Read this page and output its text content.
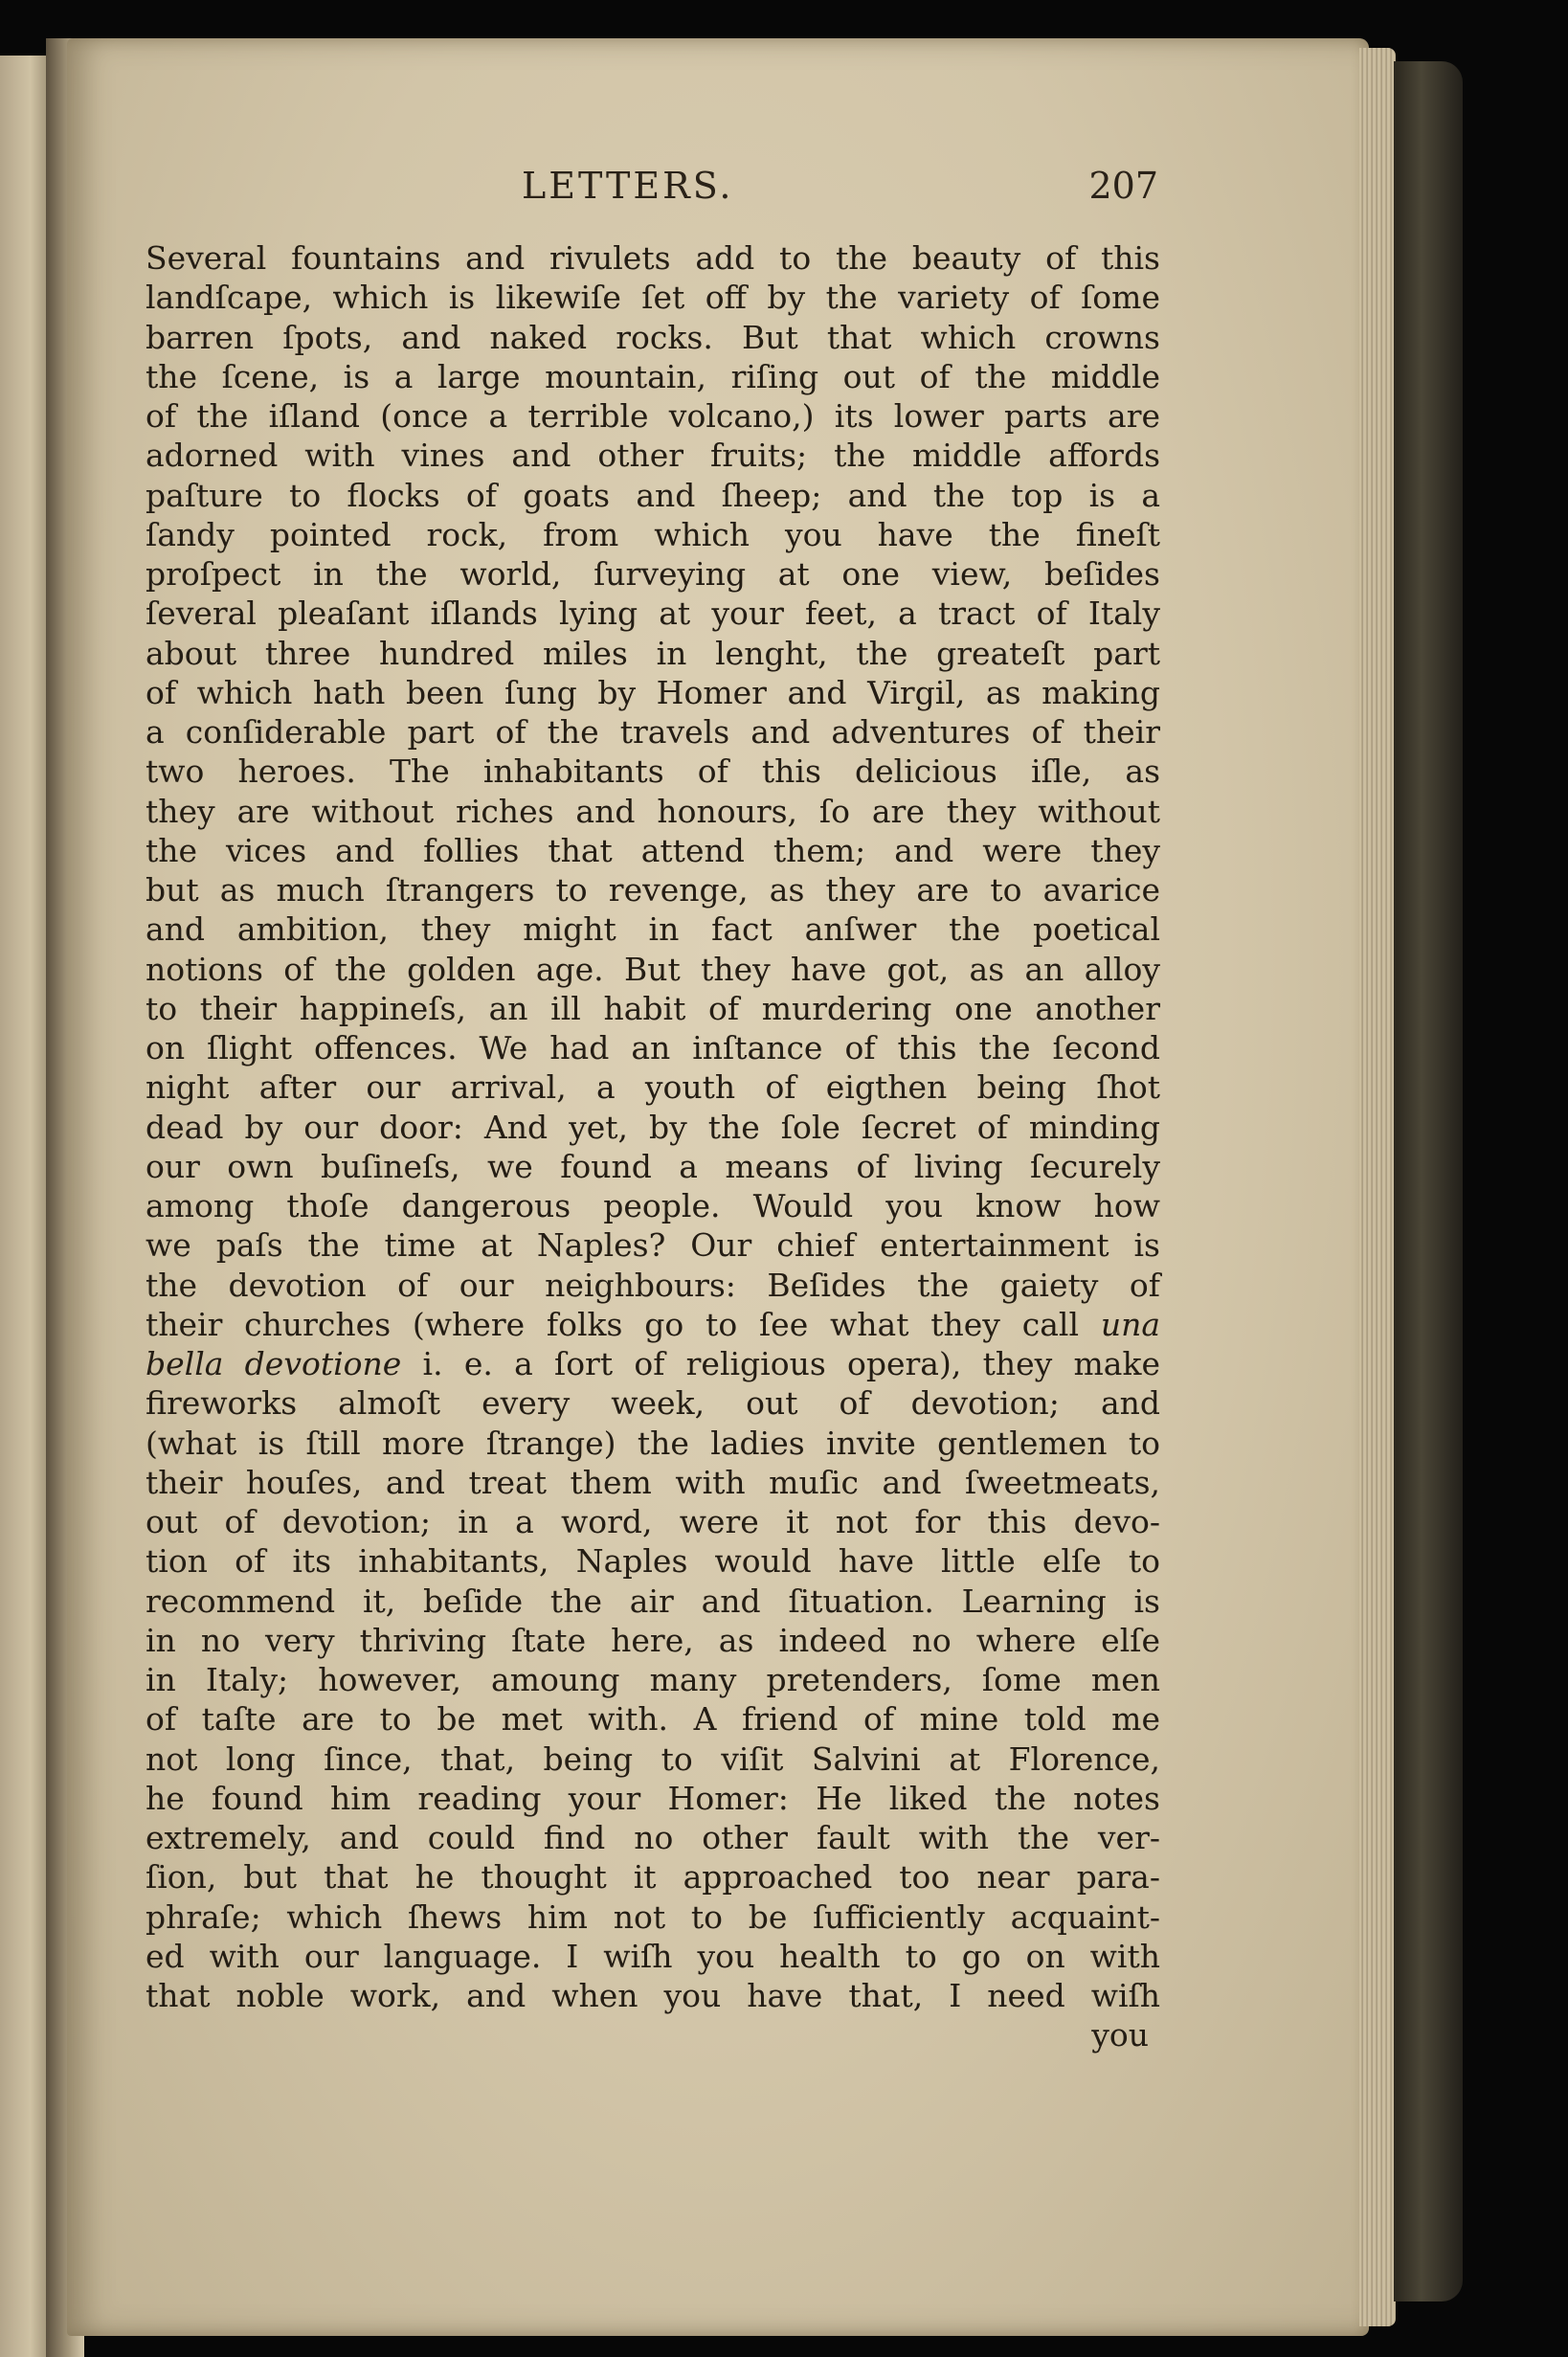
LETTERS.	207
Several fountains and rivulets add to the beauty of this
landſcape, which is likewiſe ſet off by the variety of ſome
barren ſpots, and naked rocks. But that which crowns
the ſcene, is a large mountain, riſing out of the middle
of the iſland (once a terrible volcano,) its lower parts are
adorned with vines and other fruits; the middle affords
paſture to flocks of goats and ſheep; and the top is a
ſandy pointed rock, from which you have the fineſt
proſpect in the world, ſurveying at one view, beſides
ſeveral pleaſant iſlands lying at your feet, a tract of Italy
about three hundred miles in lenght, the greateſt part
of which hath been ſung by Homer and Virgil, as making
a conſiderable part of the travels and adventures of their
two heroes. The inhabitants of this delicious iſle, as
they are without riches and honours, ſo are they without
the vices and follies that attend them; and were they
but as much ſtrangers to revenge, as they are to avarice
and ambition, they might in fact anſwer the poetical
notions of the golden age. But they have got, as an alloy
to their happineſs, an ill habit of murdering one another
on ſlight offences. We had an inſtance of this the ſecond
night after our arrival, a youth of eigthen being ſhot
dead by our door: And yet, by the ſole ſecret of minding
our own buſineſs, we found a means of living ſecurely
among thoſe dangerous people. Would you know how
we paſs the time at Naples? Our chief entertainment is
the devotion of our neighbours: Beſides the gaiety of
their churches (where folks go to ſee what they call una
bella devotione i. e. a ſort of religious opera), they make
fireworks almoſt every week, out of devotion; and
(what is ſtill more ſtrange) the ladies invite gentlemen to
their houſes, and treat them with muſic and ſweetmeats,
out of devotion; in a word, were it not for this devo-
tion of its inhabitants, Naples would have little elſe to
recommend it, beſide the air and ſituation. Learning is
in no very thriving ſtate here, as indeed no where elſe
in Italy; however, amoung many pretenders, ſome men
of taſte are to be met with. A friend of mine told me
not long ſince, that, being to viſit Salvini at Florence,
he found him reading your Homer: He liked the notes
extremely, and could find no other fault with the ver-
ſion, but that he thought it approached too near para-
phraſe; which ſhews him not to be ſufficiently acquaint-
ed with our language. I wiſh you health to go on with
that noble work, and when you have that, I need wiſh
you
